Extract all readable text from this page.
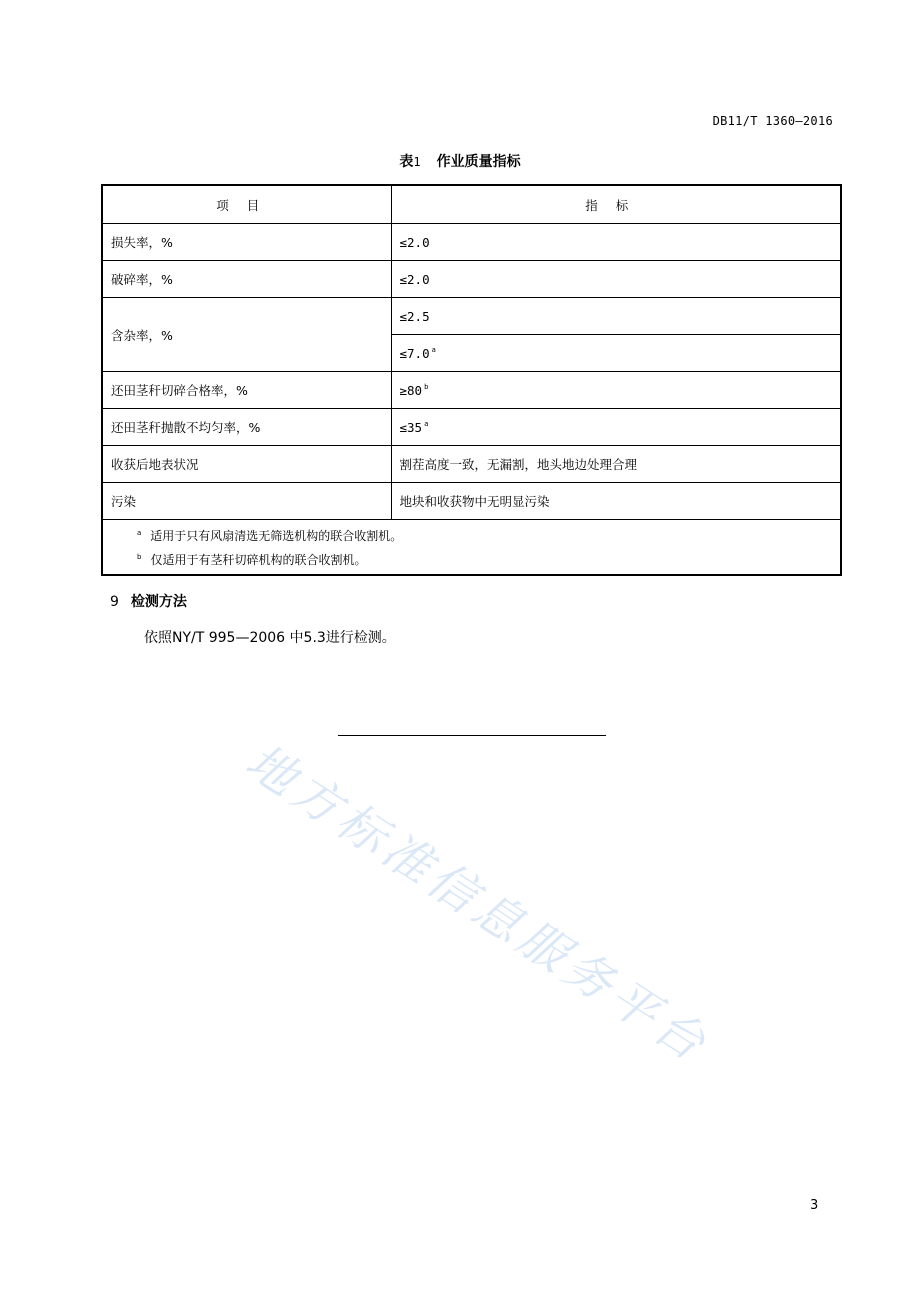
DB11/T 1360—2016
表1 作业质量指标
项目	指标
损失率，%	≤2.0
破碎率，%	≤2.0
含杂率，%	≤2.5
	≤7.0 $^a$
还田茎秆切碎合格率，%	≥80 $^b$
还田茎秆抛散不均匀率，%	≤35 $^a$
收获后地表状况	割茬高度一致，无漏割，地头地边处理合理
污染	地块和收获物中无明显污染

$^a$ 适用于只有风扇清选无筛选机构的联合收割机。
$^b$ 仅适用于有茎秆切碎机构的联合收割机。	
9 检测方法
依照NY/T 995—2006 中5.3进行检测。
地方标准信息服务平台
3
